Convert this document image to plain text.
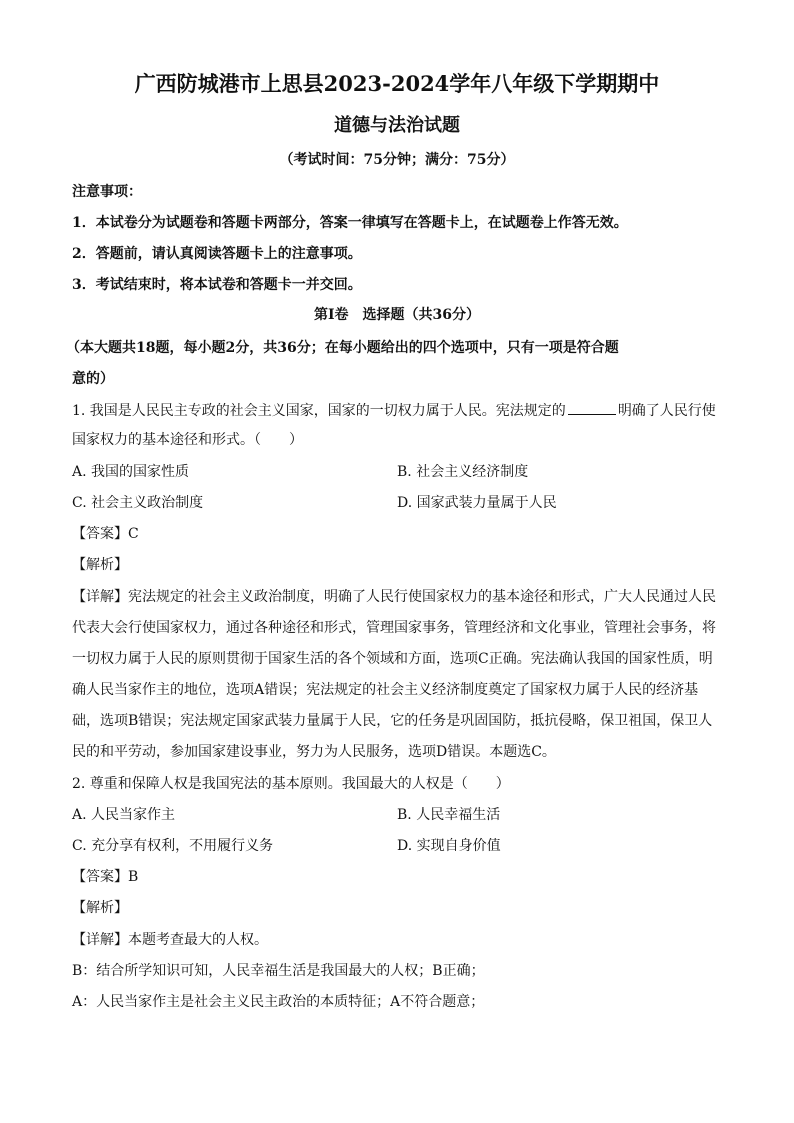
广西防城港市上思县2023-2024学年八年级下学期期中
道德与法治试题
（考试时间：75分钟；满分：75分）
注意事项：
1．本试卷分为试题卷和答题卡两部分，答案一律填写在答题卡上，在试题卷上作答无效。
2．答题前，请认真阅读答题卡上的注意事项。
3．考试结束时，将本试卷和答题卡一并交回。
第Ⅰ卷　选择题（共36分）
（本大题共18题，每小题2分，共36分；在每小题给出的四个选项中，只有一项是符合题
意的）
1. 我国是人民民主专政的社会主义国家，国家的一切权力属于人民。宪法规定的	明确了人民行使
国家权力的基本途径和形式。（　　）
A. 我国的国家性质	B. 社会主义经济制度
C. 社会主义政治制度	D. 国家武装力量属于人民
【答案】C
【解析】
【详解】宪法规定的社会主义政治制度，明确了人民行使国家权力的基本途径和形式，广大人民通过人民
代表大会行使国家权力，通过各种途径和形式，管理国家事务，管理经济和文化事业，管理社会事务，将
一切权力属于人民的原则贯彻于国家生活的各个领域和方面，选项C正确。宪法确认我国的国家性质，明
确人民当家作主的地位，选项A错误；宪法规定的社会主义经济制度奠定了国家权力属于人民的经济基
础，选项B错误；宪法规定国家武装力量属于人民，它的任务是巩固国防，抵抗侵略，保卫祖国，保卫人
民的和平劳动，参加国家建设事业，努力为人民服务，选项D错误。本题选C。
2. 尊重和保障人权是我国宪法的基本原则。我国最大的人权是（　　）
A. 人民当家作主	B. 人民幸福生活
C. 充分享有权利，不用履行义务	D. 实现自身价值
【答案】B
【解析】
【详解】本题考查最大的人权。
B：结合所学知识可知，人民幸福生活是我国最大的人权；B正确；
A：人民当家作主是社会主义民主政治的本质特征；A不符合题意；
